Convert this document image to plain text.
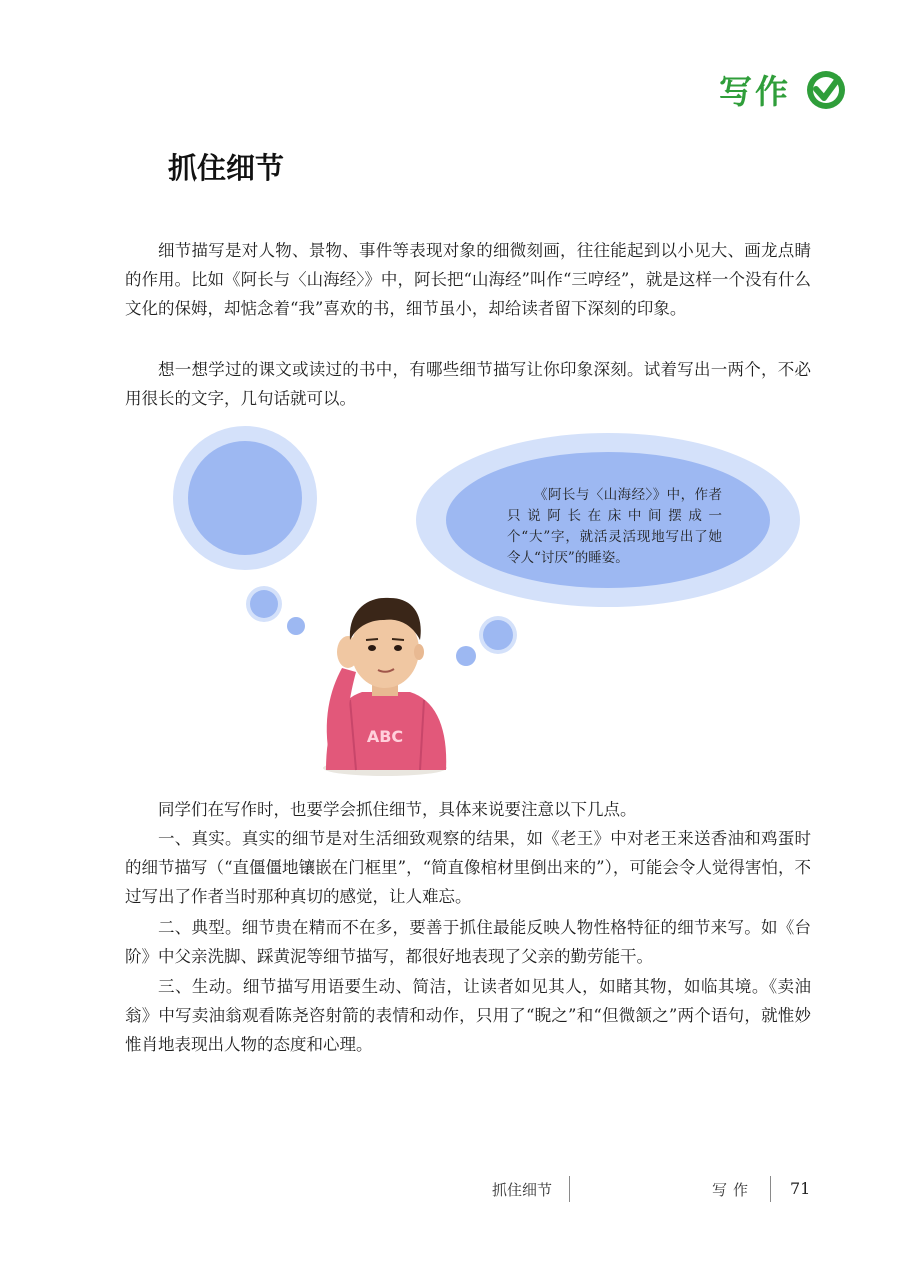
写作
抓住细节

细节描写是对人物、景物、事件等表现对象的细微刻画，往往能起到以小见大、画龙点睛的作用。比如《阿长与〈山海经〉》中，阿长把“山海经”叫作“三哼经”，就是这样一个没有什么文化的保姆，却惦念着“我”喜欢的书，细节虽小，却给读者留下深刻的印象。

想一想学过的课文或读过的书中，有哪些细节描写让你印象深刻。试着写出一两个，不必用很长的文字，几句话就可以。

ABC

《阿长与〈山海经〉》中，作者只说阿长在床中间摆成一个“大”字，就活灵活现地写出了她令人“讨厌”的睡姿。

同学们在写作时，也要学会抓住细节，具体来说要注意以下几点。

一、真实。真实的细节是对生活细致观察的结果，如《老王》中对老王来送香油和鸡蛋时的细节描写（“直僵僵地镶嵌在门框里”，“简直像棺材里倒出来的”），可能会令人觉得害怕，不过写出了作者当时那种真切的感觉，让人难忘。

二、典型。细节贵在精而不在多，要善于抓住最能反映人物性格特征的细节来写。如《台阶》中父亲洗脚、踩黄泥等细节描写，都很好地表现了父亲的勤劳能干。

三、生动。细节描写用语要生动、简洁，让读者如见其人，如睹其物，如临其境。《卖油翁》中写卖油翁观看陈尧咨射箭的表情和动作，只用了“睨之”和“但微颔之”两个语句，就惟妙惟肖地表现出人物的态度和心理。

抓住细节	写作 71
